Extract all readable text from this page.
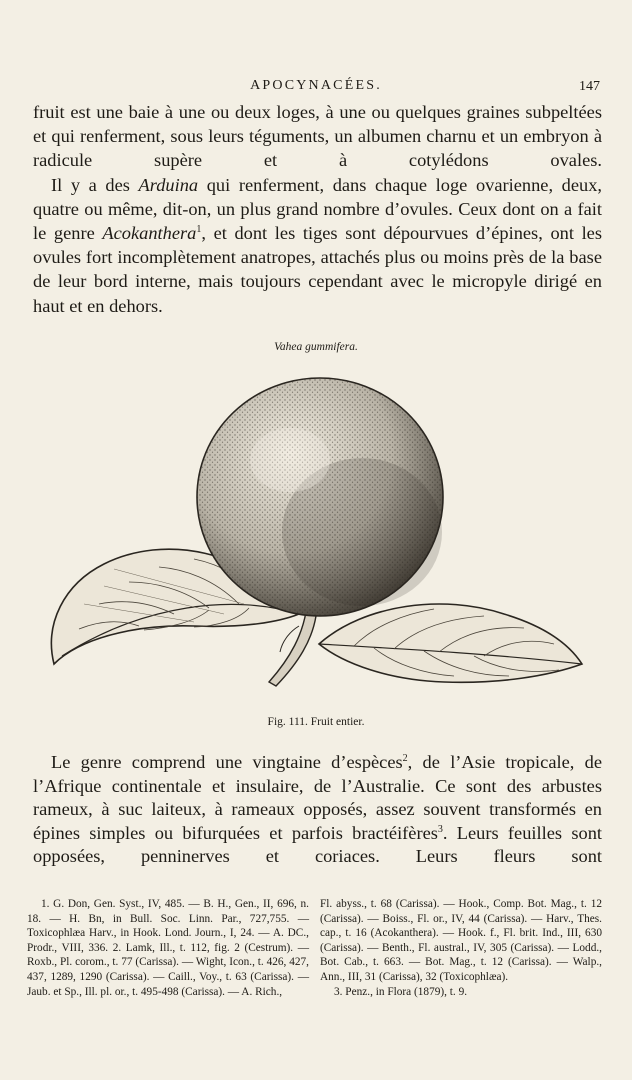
APOCYNACÉES.	147

fruit est une baie à une ou deux loges, à une ou quelques graines subpeltées et qui renferment, sous leurs téguments, un albumen charnu et un embryon à radicule supère et à cotylédons ovales.

Il y a des Arduina qui renferment, dans chaque loge ovarienne, deux, quatre ou même, dit-on, un plus grand nombre d’ovules. Ceux dont on a fait le genre Acokanthera$^1$, et dont les tiges sont dépourvues d’épines, ont les ovules fort incomplètement anatropes, attachés plus ou moins près de la base de leur bord interne, mais toujours cependant avec le micropyle dirigé en haut et en dehors.

Vahea gummifera.
Fig. 111. Fruit entier.

Le genre comprend une vingtaine d’espèces$^2$, de l’Asie tropicale, de l’Afrique continentale et insulaire, de l’Australie. Ce sont des arbustes rameux, à suc laiteux, à rameaux opposés, assez souvent transformés en épines simples ou bifurquées et parfois bractéifères$^3$. Leurs feuilles sont opposées, penninerves et coriaces. Leurs fleurs sont

1. G. Don, Gen. Syst., IV, 485. — B. H., Gen., II, 696, n. 18. — H. Bn, in Bull. Soc. Linn. Par., 727,755. — Toxicophlæa Harv., in Hook. Lond. Journ., I, 24. — A. DC., Prodr., VIII, 336. 2. Lamk, Ill., t. 112, fig. 2 (Cestrum). — Roxb., Pl. corom., t. 77 (Carissa). — Wight, Icon., t. 426, 427, 437, 1289, 1290 (Carissa). — Caill., Voy., t. 63 (Carissa). — Jaub. et Sp., Ill. pl. or., t. 495-498 (Carissa). — A. Rich.,

Fl. abyss., t. 68 (Carissa). — Hook., Comp. Bot. Mag., t. 12 (Carissa). — Boiss., Fl. or., IV, 44 (Carissa). — Harv., Thes. cap., t. 16 (Acokanthera). — Hook. f., Fl. brit. Ind., III, 630 (Carissa). — Benth., Fl. austral., IV, 305 (Carissa). — Lodd., Bot. Cab., t. 663. — Bot. Mag., t. 12 (Carissa). — Walp., Ann., III, 31 (Carissa), 32 (Toxicophlæa).

3. Penz., in Flora (1879), t. 9.
